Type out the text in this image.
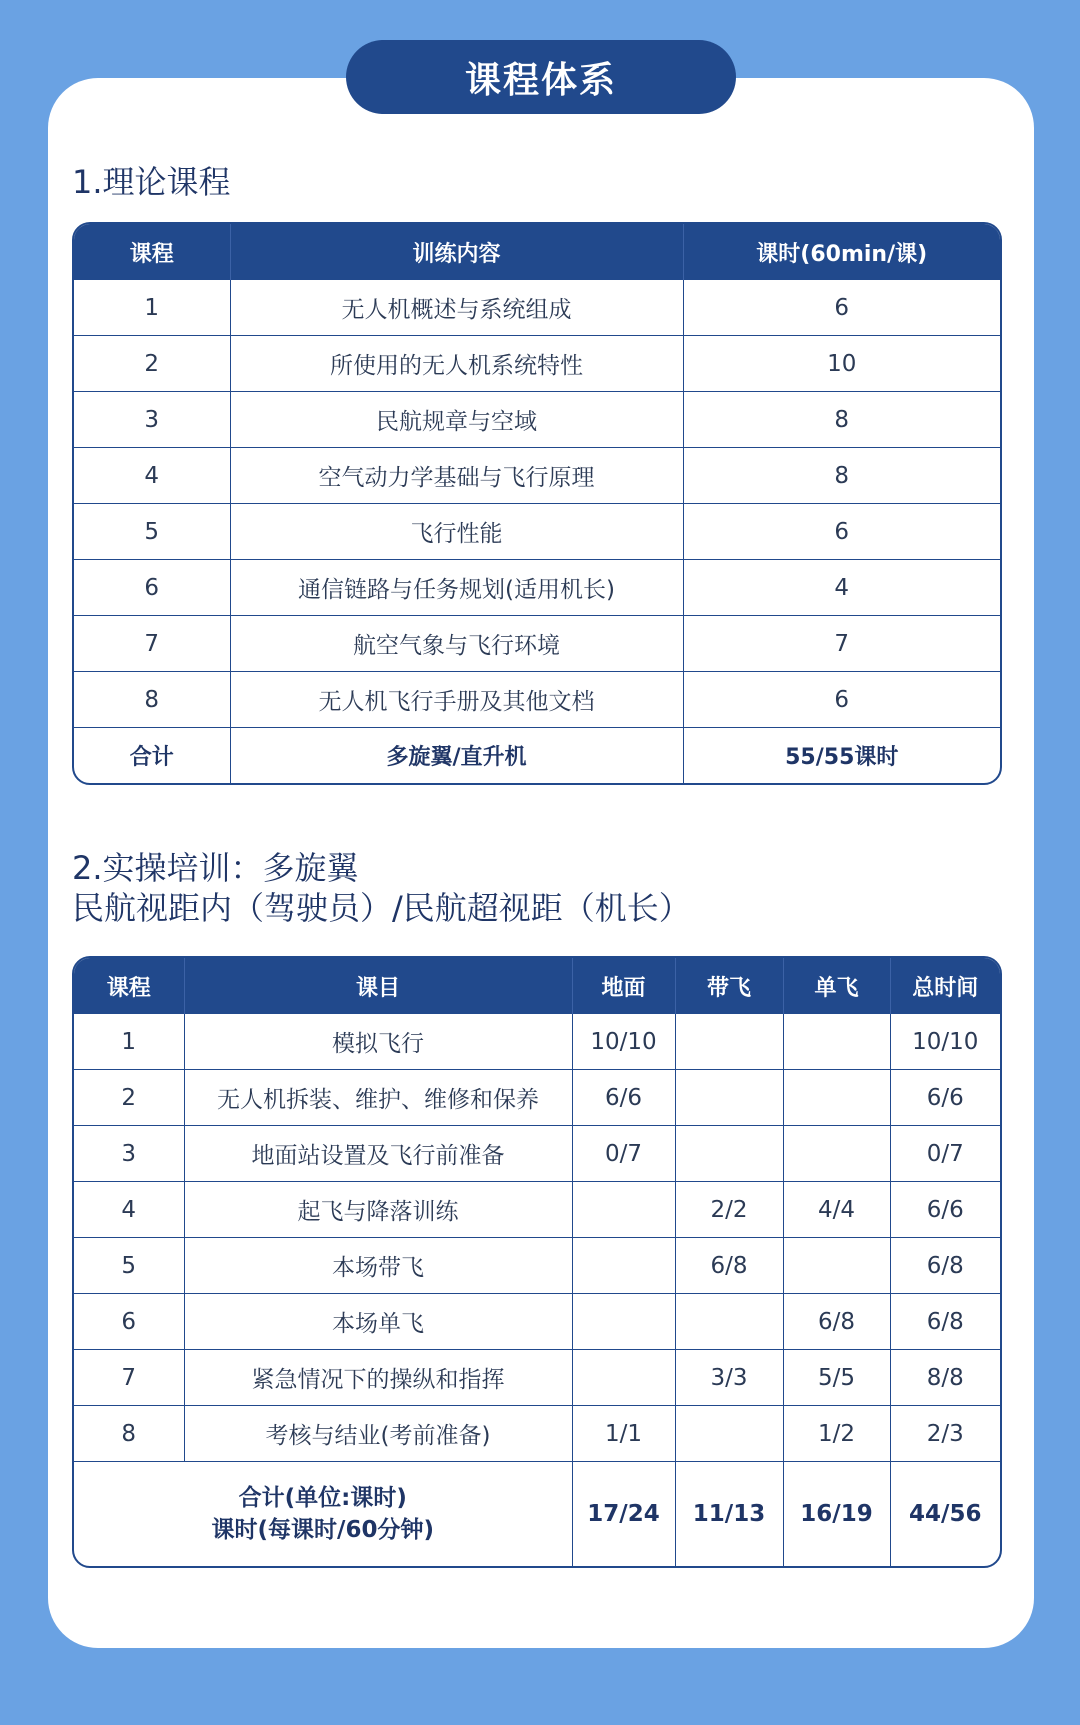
课程体系
1.理论课程
课程	训练内容	课时(60min/课)
1	无人机概述与系统组成	6
2	所使用的无人机系统特性	10
3	民航规章与空域	8
4	空气动力学基础与飞行原理	8
5	飞行性能	6
6	通信链路与任务规划(适用机长)	4
7	航空气象与飞行环境	7
8	无人机飞行手册及其他文档	6
合计	多旋翼/直升机	55/55课时
2.实操培训：多旋翼
民航视距内（驾驶员）/民航超视距（机长）
课程	课目	地面	带飞	单飞	总时间
1	模拟飞行	10/10			10/10
2	无人机拆装、维护、维修和保养	6/6			6/6
3	地面站设置及飞行前准备	0/7			0/7
4	起飞与降落训练		2/2	4/4	6/6
5	本场带飞		6/8		6/8
6	本场单飞			6/8	6/8
7	紧急情况下的操纵和指挥		3/3	5/5	8/8
8	考核与结业(考前准备)	1/1		1/2	2/3

合计(单位:课时)
课时(每课时/60分钟)		17/24	11/13	16/19	44/56
